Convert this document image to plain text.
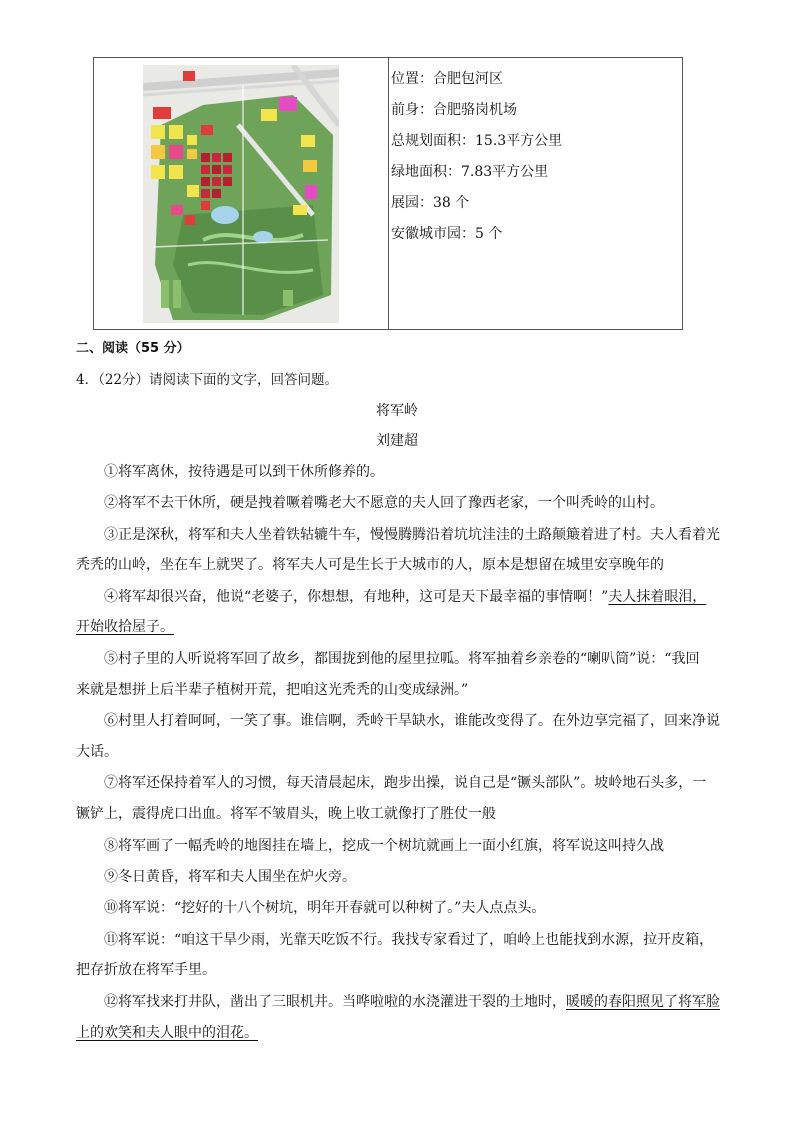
位置：合肥包河区
前身：合肥骆岗机场
总规划面积：15.3平方公里
绿地面积：7.83平方公里
展园：38 个
安徽城市园：5 个
二、阅读（55 分）
4．（22分）请阅读下面的文字，回答问题。
将军岭
刘建超
①将军离休，按待遇是可以到干休所修养的。
②将军不去干休所，硬是拽着噘着嘴老大不愿意的夫人回了豫西老家，一个叫秃岭的山村。
③正是深秋，将军和夫人坐着铁轱辘牛车，慢慢腾腾沿着坑坑洼洼的土路颠簸着进了村。夫人看着光
秃秃的山岭，坐在车上就哭了。将军夫人可是生长于大城市的人，原本是想留在城里安享晚年的
④将军却很兴奋，他说“老婆子，你想想，有地种，这可是天下最幸福的事情啊！”夫人抹着眼泪，
开始收拾屋子。
⑤村子里的人听说将军回了故乡，都围拢到他的屋里拉呱。将军抽着乡亲卷的“喇叭筒”说：“我回
来就是想拼上后半辈子植树开荒，把咱这光秃秃的山变成绿洲。”
⑥村里人打着呵呵，一笑了事。谁信啊，秃岭干旱缺水，谁能改变得了。在外边享完福了，回来净说
大话。
⑦将军还保持着军人的习惯，每天清晨起床，跑步出操，说自己是“镢头部队”。坡岭地石头多，一
镢铲上，震得虎口出血。将军不皱眉头，晚上收工就像打了胜仗一般
⑧将军画了一幅秃岭的地图挂在墙上，挖成一个树坑就画上一面小红旗，将军说这叫持久战
⑨冬日黄昏，将军和夫人围坐在炉火旁。
⑩将军说：“挖好的十八个树坑，明年开春就可以种树了。”夫人点点头。
⑪将军说：“咱这干旱少雨，光靠天吃饭不行。我找专家看过了，咱岭上也能找到水源，拉开皮箱，
把存折放在将军手里。
⑫将军找来打井队，凿出了三眼机井。当哗啦啦的水浇灌进干裂的土地时，暖暖的春阳照见了将军脸
上的欢笑和夫人眼中的泪花。
